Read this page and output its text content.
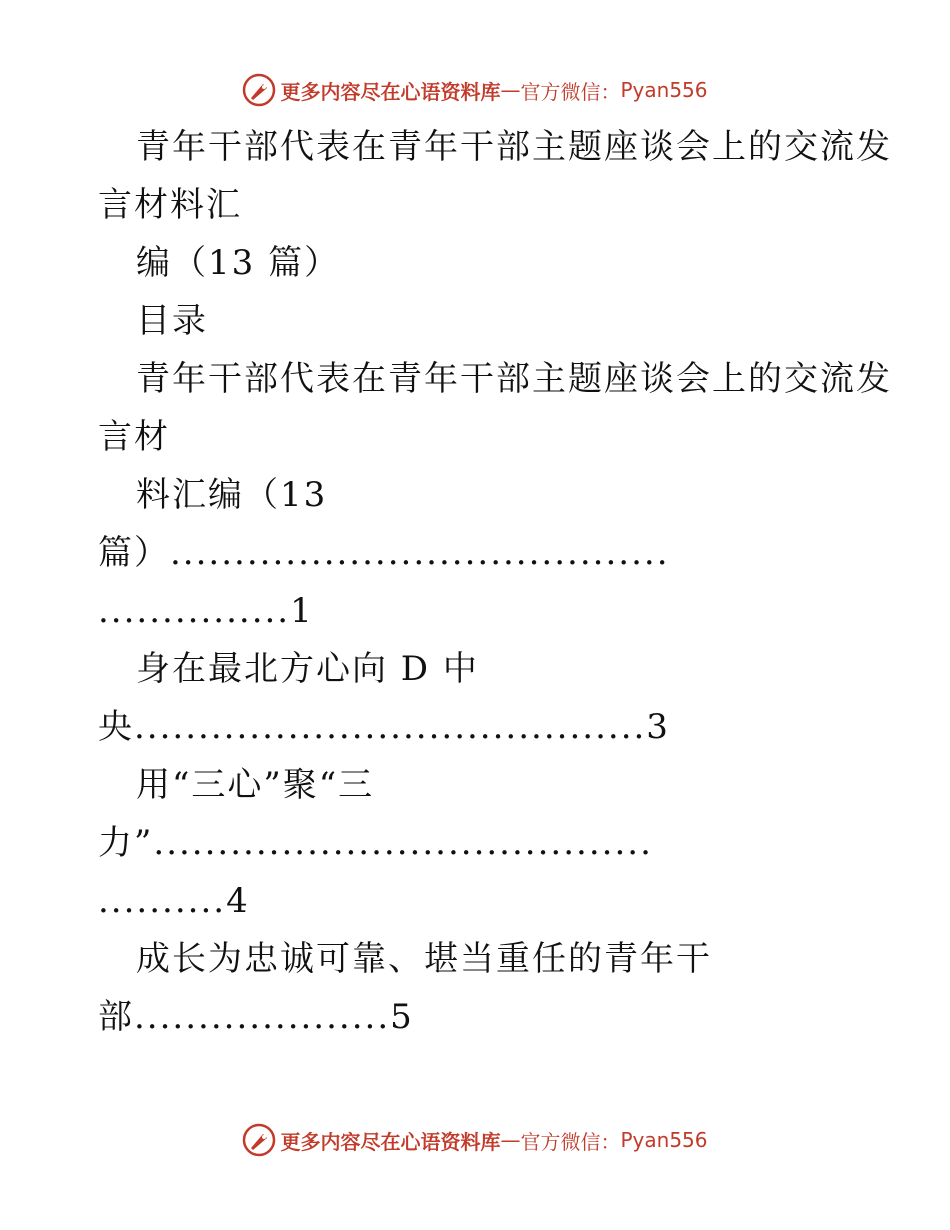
更多内容尽在心语资料库 — 官方微信： Pyan556
青年干部代表在青年干部主题座谈会上的交流发
言材料汇
编（13 篇）
目录
青年干部代表在青年干部主题座谈会上的交流发
言材
料汇编（13
篇）.......................................
...............1
身在最北方心向 D 中
央........................................3
用“三心”聚“三
力”.......................................
..........4
成长为忠诚可靠、堪当重任的青年干
部....................5
更多内容尽在心语资料库 — 官方微信： Pyan556
